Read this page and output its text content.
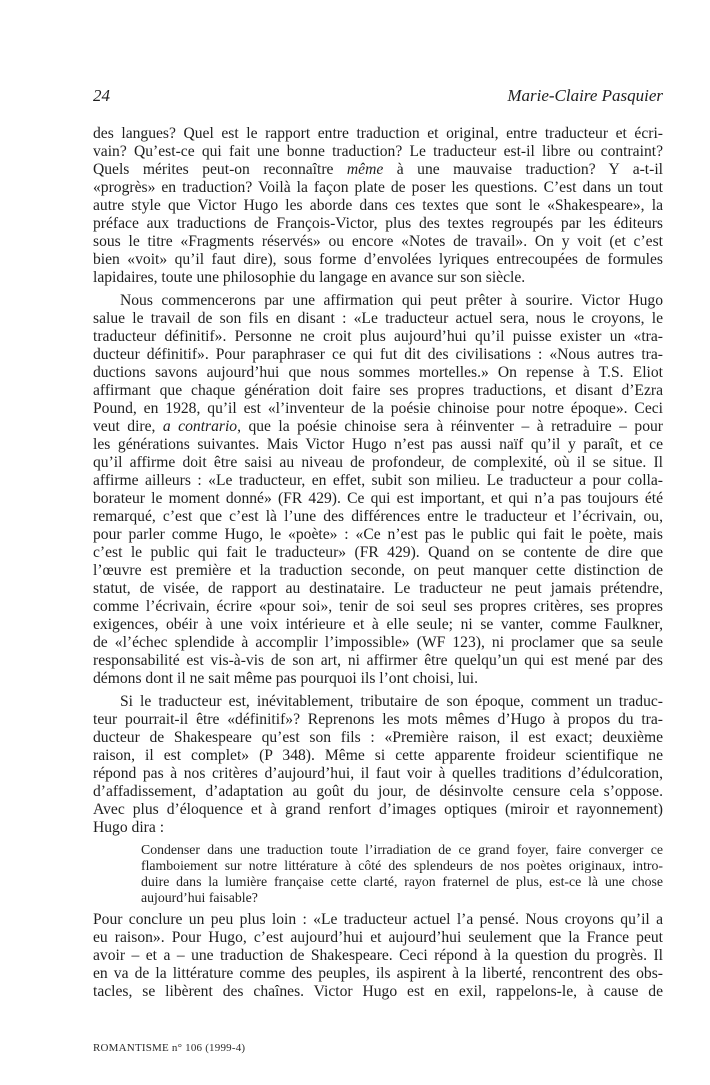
24	Marie-Claire Pasquier

des langues? Quel est le rapport entre traduction et original, entre traducteur et écri-
vain? Qu’est-ce qui fait une bonne traduction? Le traducteur est-il libre ou contraint?
Quels mérites peut-on reconnaître même à une mauvaise traduction? Y a-t-il
«progrès» en traduction? Voilà la façon plate de poser les questions. C’est dans un tout
autre style que Victor Hugo les aborde dans ces textes que sont le «Shakespeare», la
préface aux traductions de François-Victor, plus des textes regroupés par les éditeurs
sous le titre «Fragments réservés» ou encore «Notes de travail». On y voit (et c’est
bien «voit» qu’il faut dire), sous forme d’envolées lyriques entrecoupées de formules
lapidaires, toute une philosophie du langage en avance sur son siècle.

Nous commencerons par une affirmation qui peut prêter à sourire. Victor Hugo
salue le travail de son fils en disant : «Le traducteur actuel sera, nous le croyons, le
traducteur définitif». Personne ne croit plus aujourd’hui qu’il puisse exister un «tra-
ducteur définitif». Pour paraphraser ce qui fut dit des civilisations : «Nous autres tra-
ductions savons aujourd’hui que nous sommes mortelles.» On repense à T.S. Eliot
affirmant que chaque génération doit faire ses propres traductions, et disant d’Ezra
Pound, en 1928, qu’il est «l’inventeur de la poésie chinoise pour notre époque». Ceci
veut dire, a contrario, que la poésie chinoise sera à réinventer – à retraduire – pour
les générations suivantes. Mais Victor Hugo n’est pas aussi naïf qu’il y paraît, et ce
qu’il affirme doit être saisi au niveau de profondeur, de complexité, où il se situe. Il
affirme ailleurs : «Le traducteur, en effet, subit son milieu. Le traducteur a pour colla-
borateur le moment donné» (FR 429). Ce qui est important, et qui n’a pas toujours été
remarqué, c’est que c’est là l’une des différences entre le traducteur et l’écrivain, ou,
pour parler comme Hugo, le «poète» : «Ce n’est pas le public qui fait le poète, mais
c’est le public qui fait le traducteur» (FR 429). Quand on se contente de dire que
l’œuvre est première et la traduction seconde, on peut manquer cette distinction de
statut, de visée, de rapport au destinataire. Le traducteur ne peut jamais prétendre,
comme l’écrivain, écrire «pour soi», tenir de soi seul ses propres critères, ses propres
exigences, obéir à une voix intérieure et à elle seule; ni se vanter, comme Faulkner,
de «l’échec splendide à accomplir l’impossible» (WF 123), ni proclamer que sa seule
responsabilité est vis-à-vis de son art, ni affirmer être quelqu’un qui est mené par des
démons dont il ne sait même pas pourquoi ils l’ont choisi, lui.

Si le traducteur est, inévitablement, tributaire de son époque, comment un traduc-
teur pourrait-il être «définitif»? Reprenons les mots mêmes d’Hugo à propos du tra-
ducteur de Shakespeare qu’est son fils : «Première raison, il est exact; deuxième
raison, il est complet» (P 348). Même si cette apparente froideur scientifique ne
répond pas à nos critères d’aujourd’hui, il faut voir à quelles traditions d’édulcoration,
d’affadissement, d’adaptation au goût du jour, de désinvolte censure cela s’oppose.
Avec plus d’éloquence et à grand renfort d’images optiques (miroir et rayonnement)
Hugo dira :

Condenser dans une traduction toute l’irradiation de ce grand foyer, faire converger ce
flamboiement sur notre littérature à côté des splendeurs de nos poètes originaux, intro-
duire dans la lumière française cette clarté, rayon fraternel de plus, est-ce là une chose
aujourd’hui faisable?

Pour conclure un peu plus loin : «Le traducteur actuel l’a pensé. Nous croyons qu’il a
eu raison». Pour Hugo, c’est aujourd’hui et aujourd’hui seulement que la France peut
avoir – et a – une traduction de Shakespeare. Ceci répond à la question du progrès. Il
en va de la littérature comme des peuples, ils aspirent à la liberté, rencontrent des obs-
tacles, se libèrent des chaînes. Victor Hugo est en exil, rappelons-le, à cause de

ROMANTISME n° 106 (1999-4)
